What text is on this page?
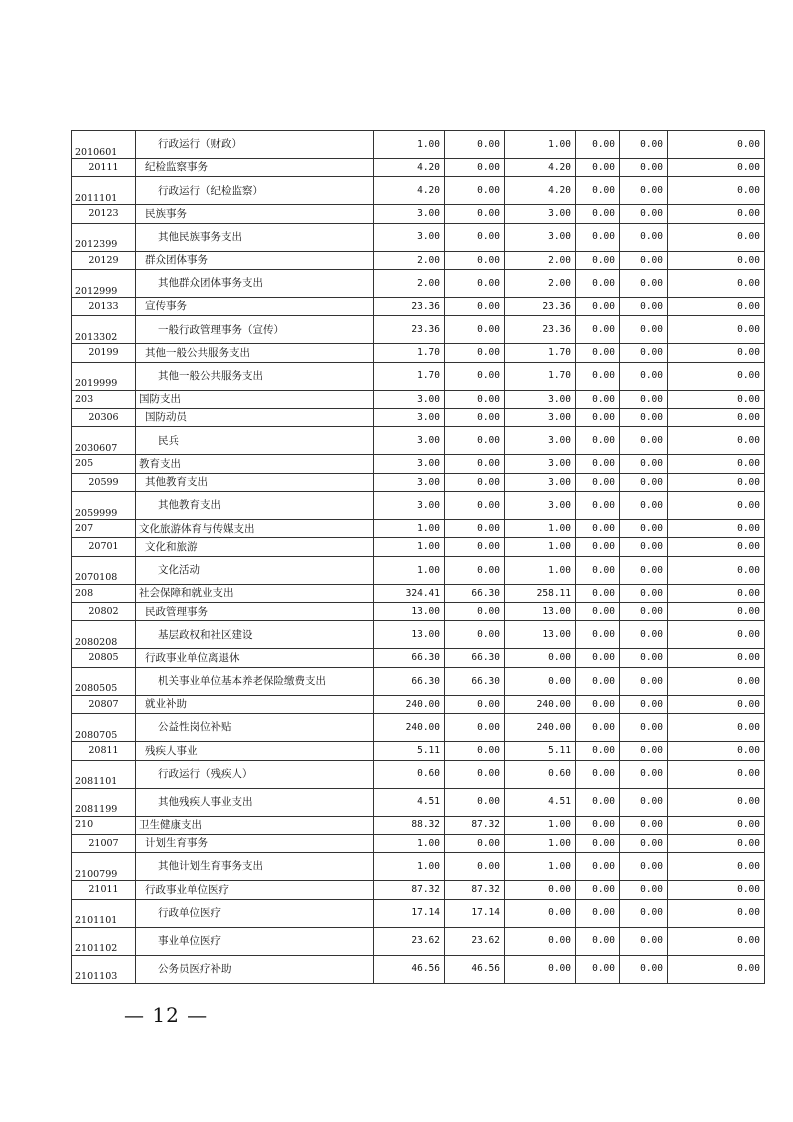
2010601	行政运行（财政）	1.00	0.00	1.00	0.00	0.00	0.00
20111	纪检监察事务	4.20	0.00	4.20	0.00	0.00	0.00
2011101	行政运行（纪检监察）	4.20	0.00	4.20	0.00	0.00	0.00
20123	民族事务	3.00	0.00	3.00	0.00	0.00	0.00
2012399	其他民族事务支出	3.00	0.00	3.00	0.00	0.00	0.00
20129	群众团体事务	2.00	0.00	2.00	0.00	0.00	0.00
2012999	其他群众团体事务支出	2.00	0.00	2.00	0.00	0.00	0.00
20133	宣传事务	23.36	0.00	23.36	0.00	0.00	0.00
2013302	一般行政管理事务（宣传）	23.36	0.00	23.36	0.00	0.00	0.00
20199	其他一般公共服务支出	1.70	0.00	1.70	0.00	0.00	0.00
2019999	其他一般公共服务支出	1.70	0.00	1.70	0.00	0.00	0.00
203	国防支出	3.00	0.00	3.00	0.00	0.00	0.00
20306	国防动员	3.00	0.00	3.00	0.00	0.00	0.00
2030607	民兵	3.00	0.00	3.00	0.00	0.00	0.00
205	教育支出	3.00	0.00	3.00	0.00	0.00	0.00
20599	其他教育支出	3.00	0.00	3.00	0.00	0.00	0.00
2059999	其他教育支出	3.00	0.00	3.00	0.00	0.00	0.00
207	文化旅游体育与传媒支出	1.00	0.00	1.00	0.00	0.00	0.00
20701	文化和旅游	1.00	0.00	1.00	0.00	0.00	0.00
2070108	文化活动	1.00	0.00	1.00	0.00	0.00	0.00
208	社会保障和就业支出	324.41	66.30	258.11	0.00	0.00	0.00
20802	民政管理事务	13.00	0.00	13.00	0.00	0.00	0.00
2080208	基层政权和社区建设	13.00	0.00	13.00	0.00	0.00	0.00
20805	行政事业单位离退休	66.30	66.30	0.00	0.00	0.00	0.00
2080505	机关事业单位基本养老保险缴费支出	66.30	66.30	0.00	0.00	0.00	0.00
20807	就业补助	240.00	0.00	240.00	0.00	0.00	0.00
2080705	公益性岗位补贴	240.00	0.00	240.00	0.00	0.00	0.00
20811	残疾人事业	5.11	0.00	5.11	0.00	0.00	0.00
2081101	行政运行（残疾人）	0.60	0.00	0.60	0.00	0.00	0.00
2081199	其他残疾人事业支出	4.51	0.00	4.51	0.00	0.00	0.00
210	卫生健康支出	88.32	87.32	1.00	0.00	0.00	0.00
21007	计划生育事务	1.00	0.00	1.00	0.00	0.00	0.00
2100799	其他计划生育事务支出	1.00	0.00	1.00	0.00	0.00	0.00
21011	行政事业单位医疗	87.32	87.32	0.00	0.00	0.00	0.00
2101101	行政单位医疗	17.14	17.14	0.00	0.00	0.00	0.00
2101102	事业单位医疗	23.62	23.62	0.00	0.00	0.00	0.00
2101103	公务员医疗补助	46.56	46.56	0.00	0.00	0.00	0.00
— 12 —
